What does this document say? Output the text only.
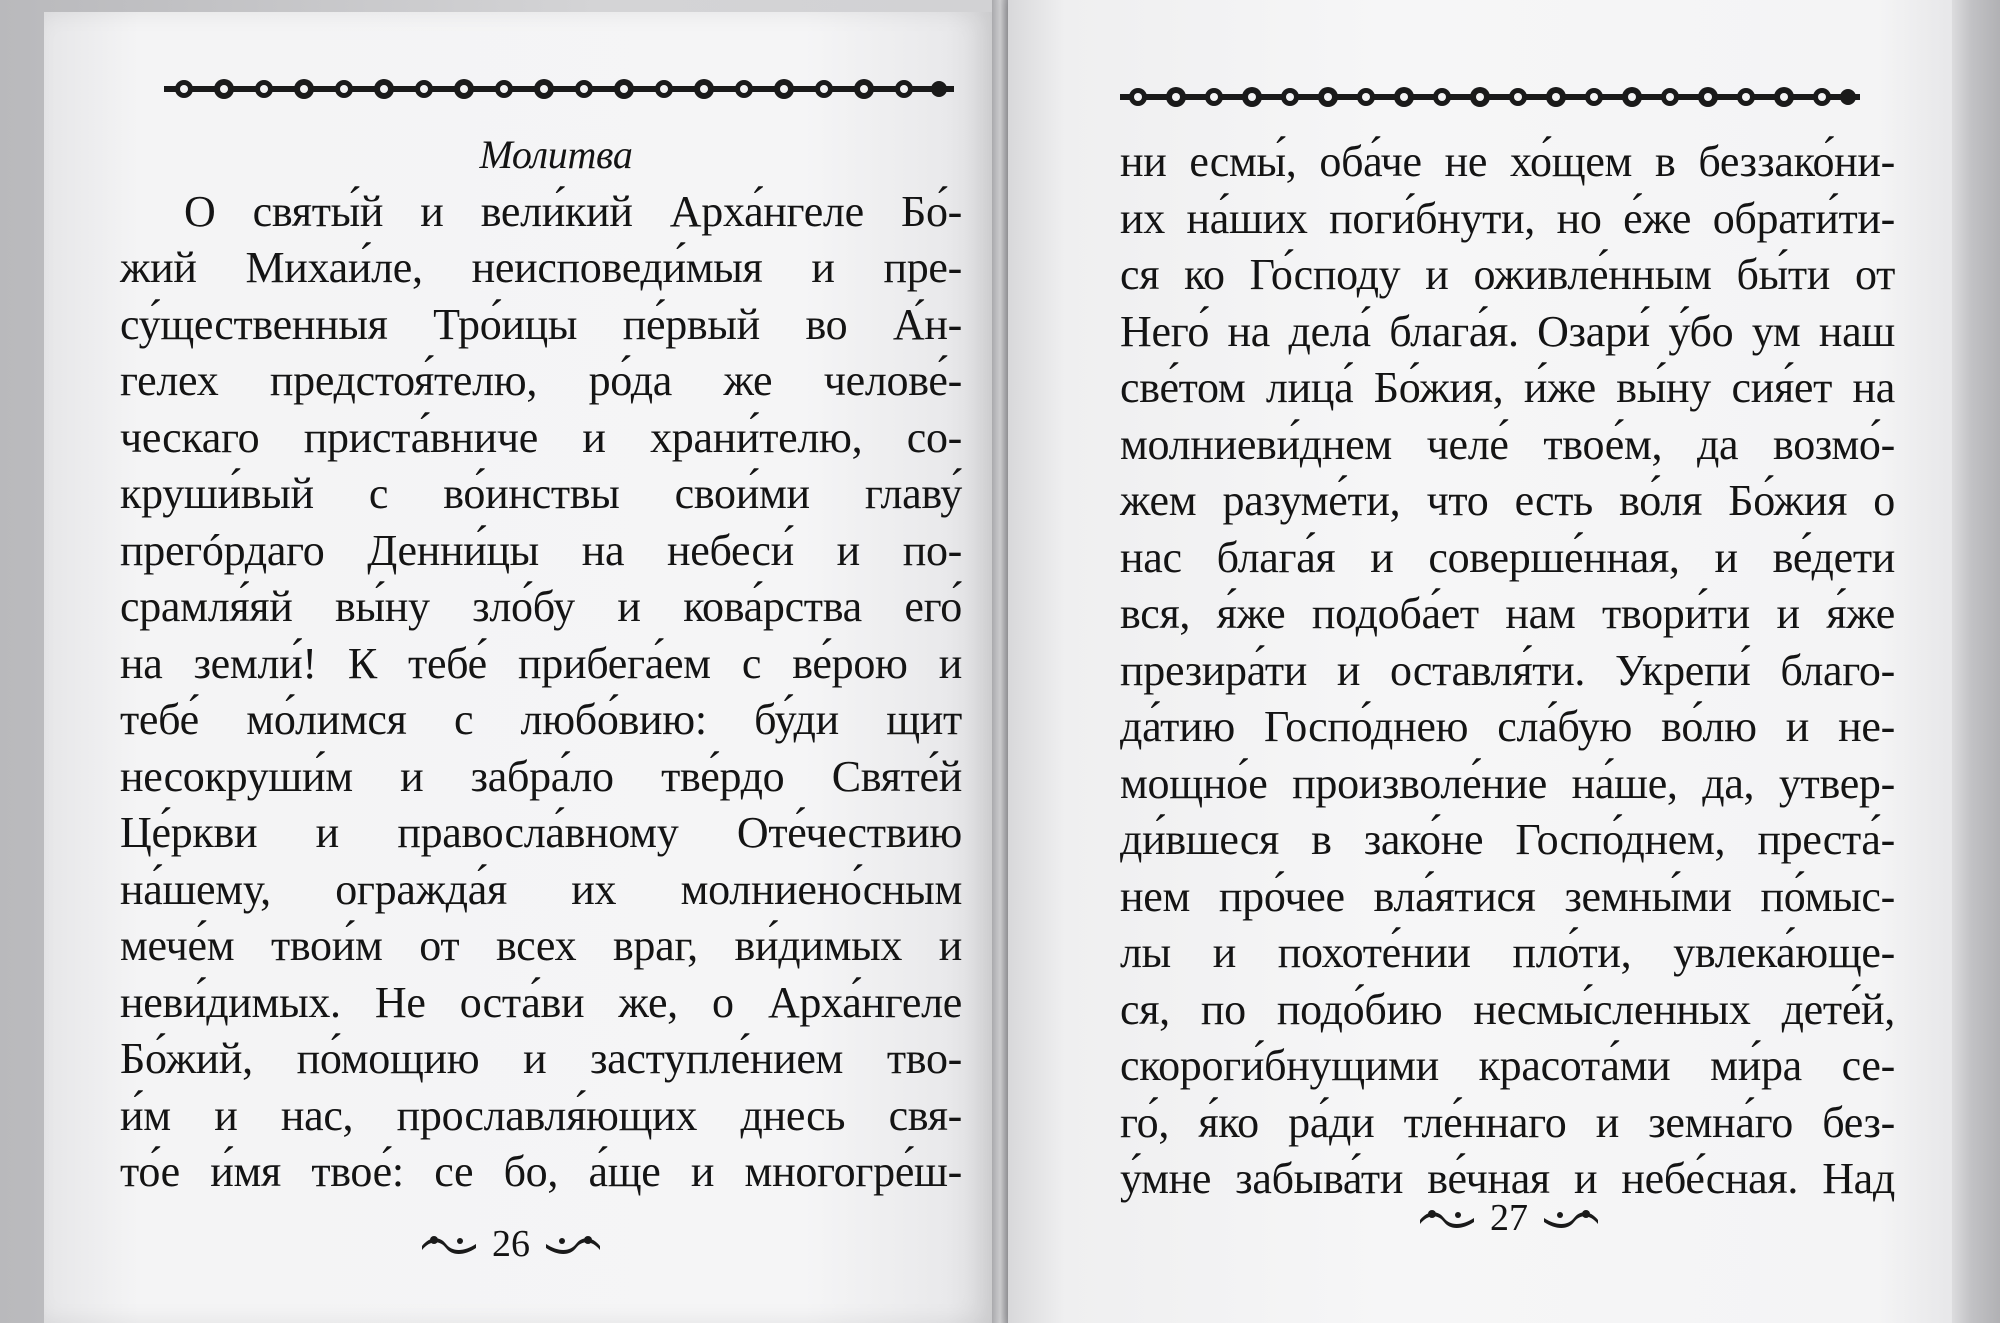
Молитва
О святы́й и вели́кий Арха́нгеле Бо́-
жий Михаи́ле, неисповеди́мыя и пре-
су́щественныя Тро́ицы пе́рвый во А́н-
гелех предстоя́телю, ро́да же челове́-
ческаго приста́вниче и храни́телю, со-
круши́вый с во́инствы свои́ми главу́
прегóрдаго Денни́цы на небеси́ и по-
срамля́яй вы́ну зло́бу и кова́рства его́
на земли́! К тебе́ прибега́ем с ве́рою и
тебе́ мо́лимся с любо́вию: бу́ди щит
несокруши́м и забра́ло тве́рдо Святе́й
Це́ркви и правосла́вному Оте́чествию
на́шему, огражда́я их молниено́сным
мече́м твои́м от всех враг, ви́димых и
неви́димых. Не оста́ви же, о Арха́нгеле
Бо́жий, по́мощию и заступле́нием тво-
и́м и нас, прославля́ющих днесь свя-
то́е и́мя твое́: се бо, а́ще и многогре́ш-
26
ни есмы́, оба́че не хо́щем в беззако́ни-
их на́ших поги́бнути, но е́же обрати́ти-
ся ко Го́споду и оживле́нным бы́ти от
Него́ на дела́ блага́я. Озари́ у́бо ум наш
све́том лица́ Бо́жия, и́же вы́ну сия́ет на
молниеви́днем челе́ твое́м, да возмо́-
жем разуме́ти, что есть во́ля Бо́жия о
нас блага́я и соверше́нная, и ве́дети
вся, я́же подоба́ет нам твори́ти и я́же
презира́ти и оставля́ти. Укрепи́ благо-
да́тию Госпо́днею сла́бую во́лю и не-
мощно́е произволе́ние на́ше, да, утвер-
ди́вшеся в зако́не Госпо́днем, преста́-
нем про́чее вла́ятися земны́ми по́мыс-
лы и похоте́нии пло́ти, увлека́юще-
ся, по подо́бию несмы́сленных дете́й,
скороги́бнущими красота́ми ми́ра се-
го́, я́ко ра́ди тле́ннаго и земна́го без-
у́мне забыва́ти ве́чная и небе́сная. Над
27
